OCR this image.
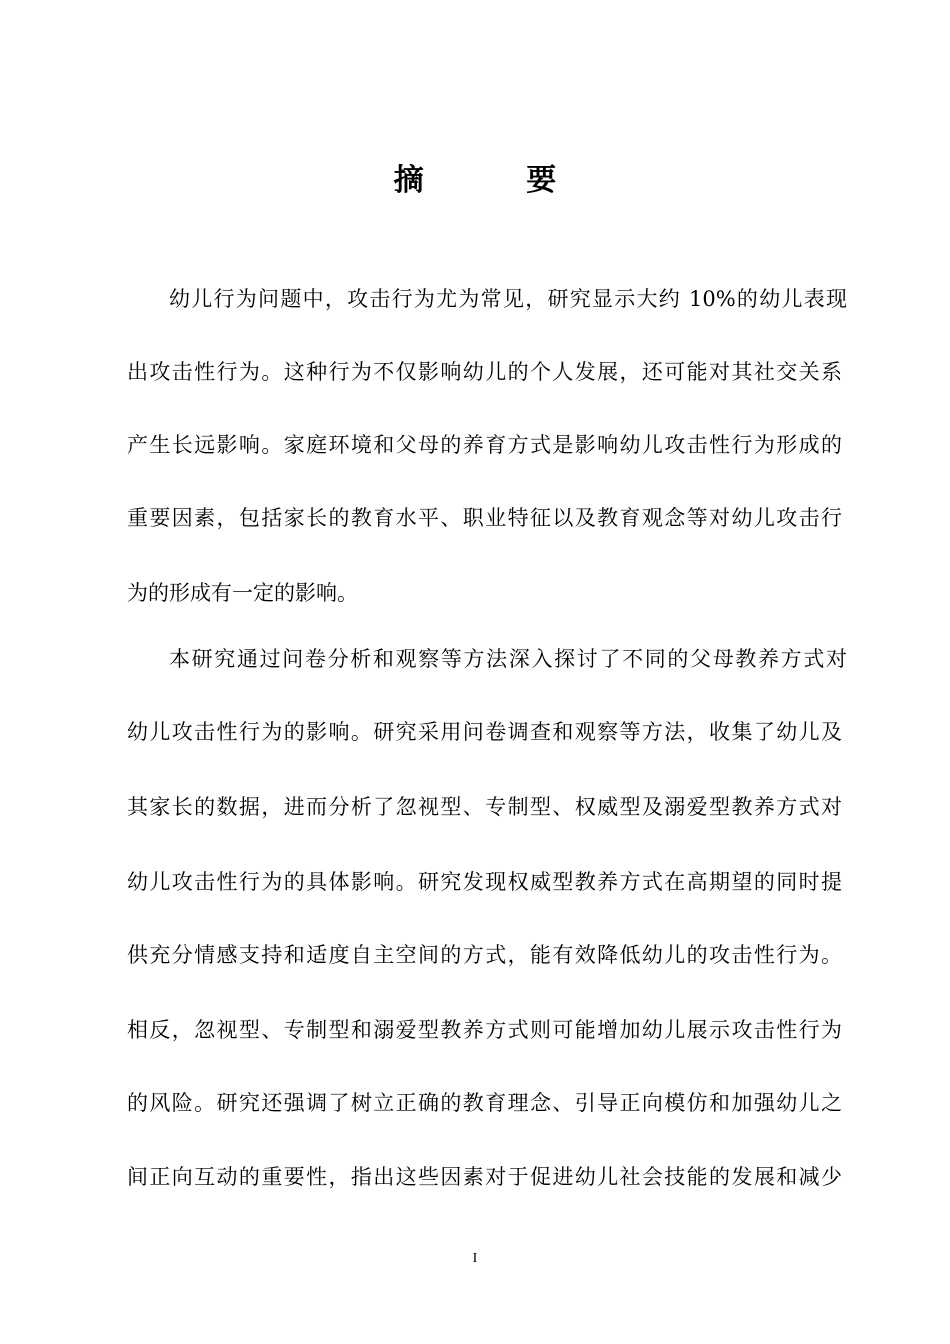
摘 要
幼儿行为问题中，攻击行为尤为常见，研究显示大约 10%的幼儿表现
出攻击性行为。这种行为不仅影响幼儿的个人发展，还可能对其社交关系
产生长远影响。家庭环境和父母的养育方式是影响幼儿攻击性行为形成的
重要因素，包括家长的教育水平、职业特征以及教育观念等对幼儿攻击行
为的形成有一定的影响。
本研究通过问卷分析和观察等方法深入探讨了不同的父母教养方式对
幼儿攻击性行为的影响。研究采用问卷调查和观察等方法，收集了幼儿及
其家长的数据，进而分析了忽视型、专制型、权威型及溺爱型教养方式对
幼儿攻击性行为的具体影响。研究发现权威型教养方式在高期望的同时提
供充分情感支持和适度自主空间的方式，能有效降低幼儿的攻击性行为。
相反，忽视型、专制型和溺爱型教养方式则可能增加幼儿展示攻击性行为
的风险。研究还强调了树立正确的教育理念、引导正向模仿和加强幼儿之
间正向互动的重要性，指出这些因素对于促进幼儿社会技能的发展和减少
I
